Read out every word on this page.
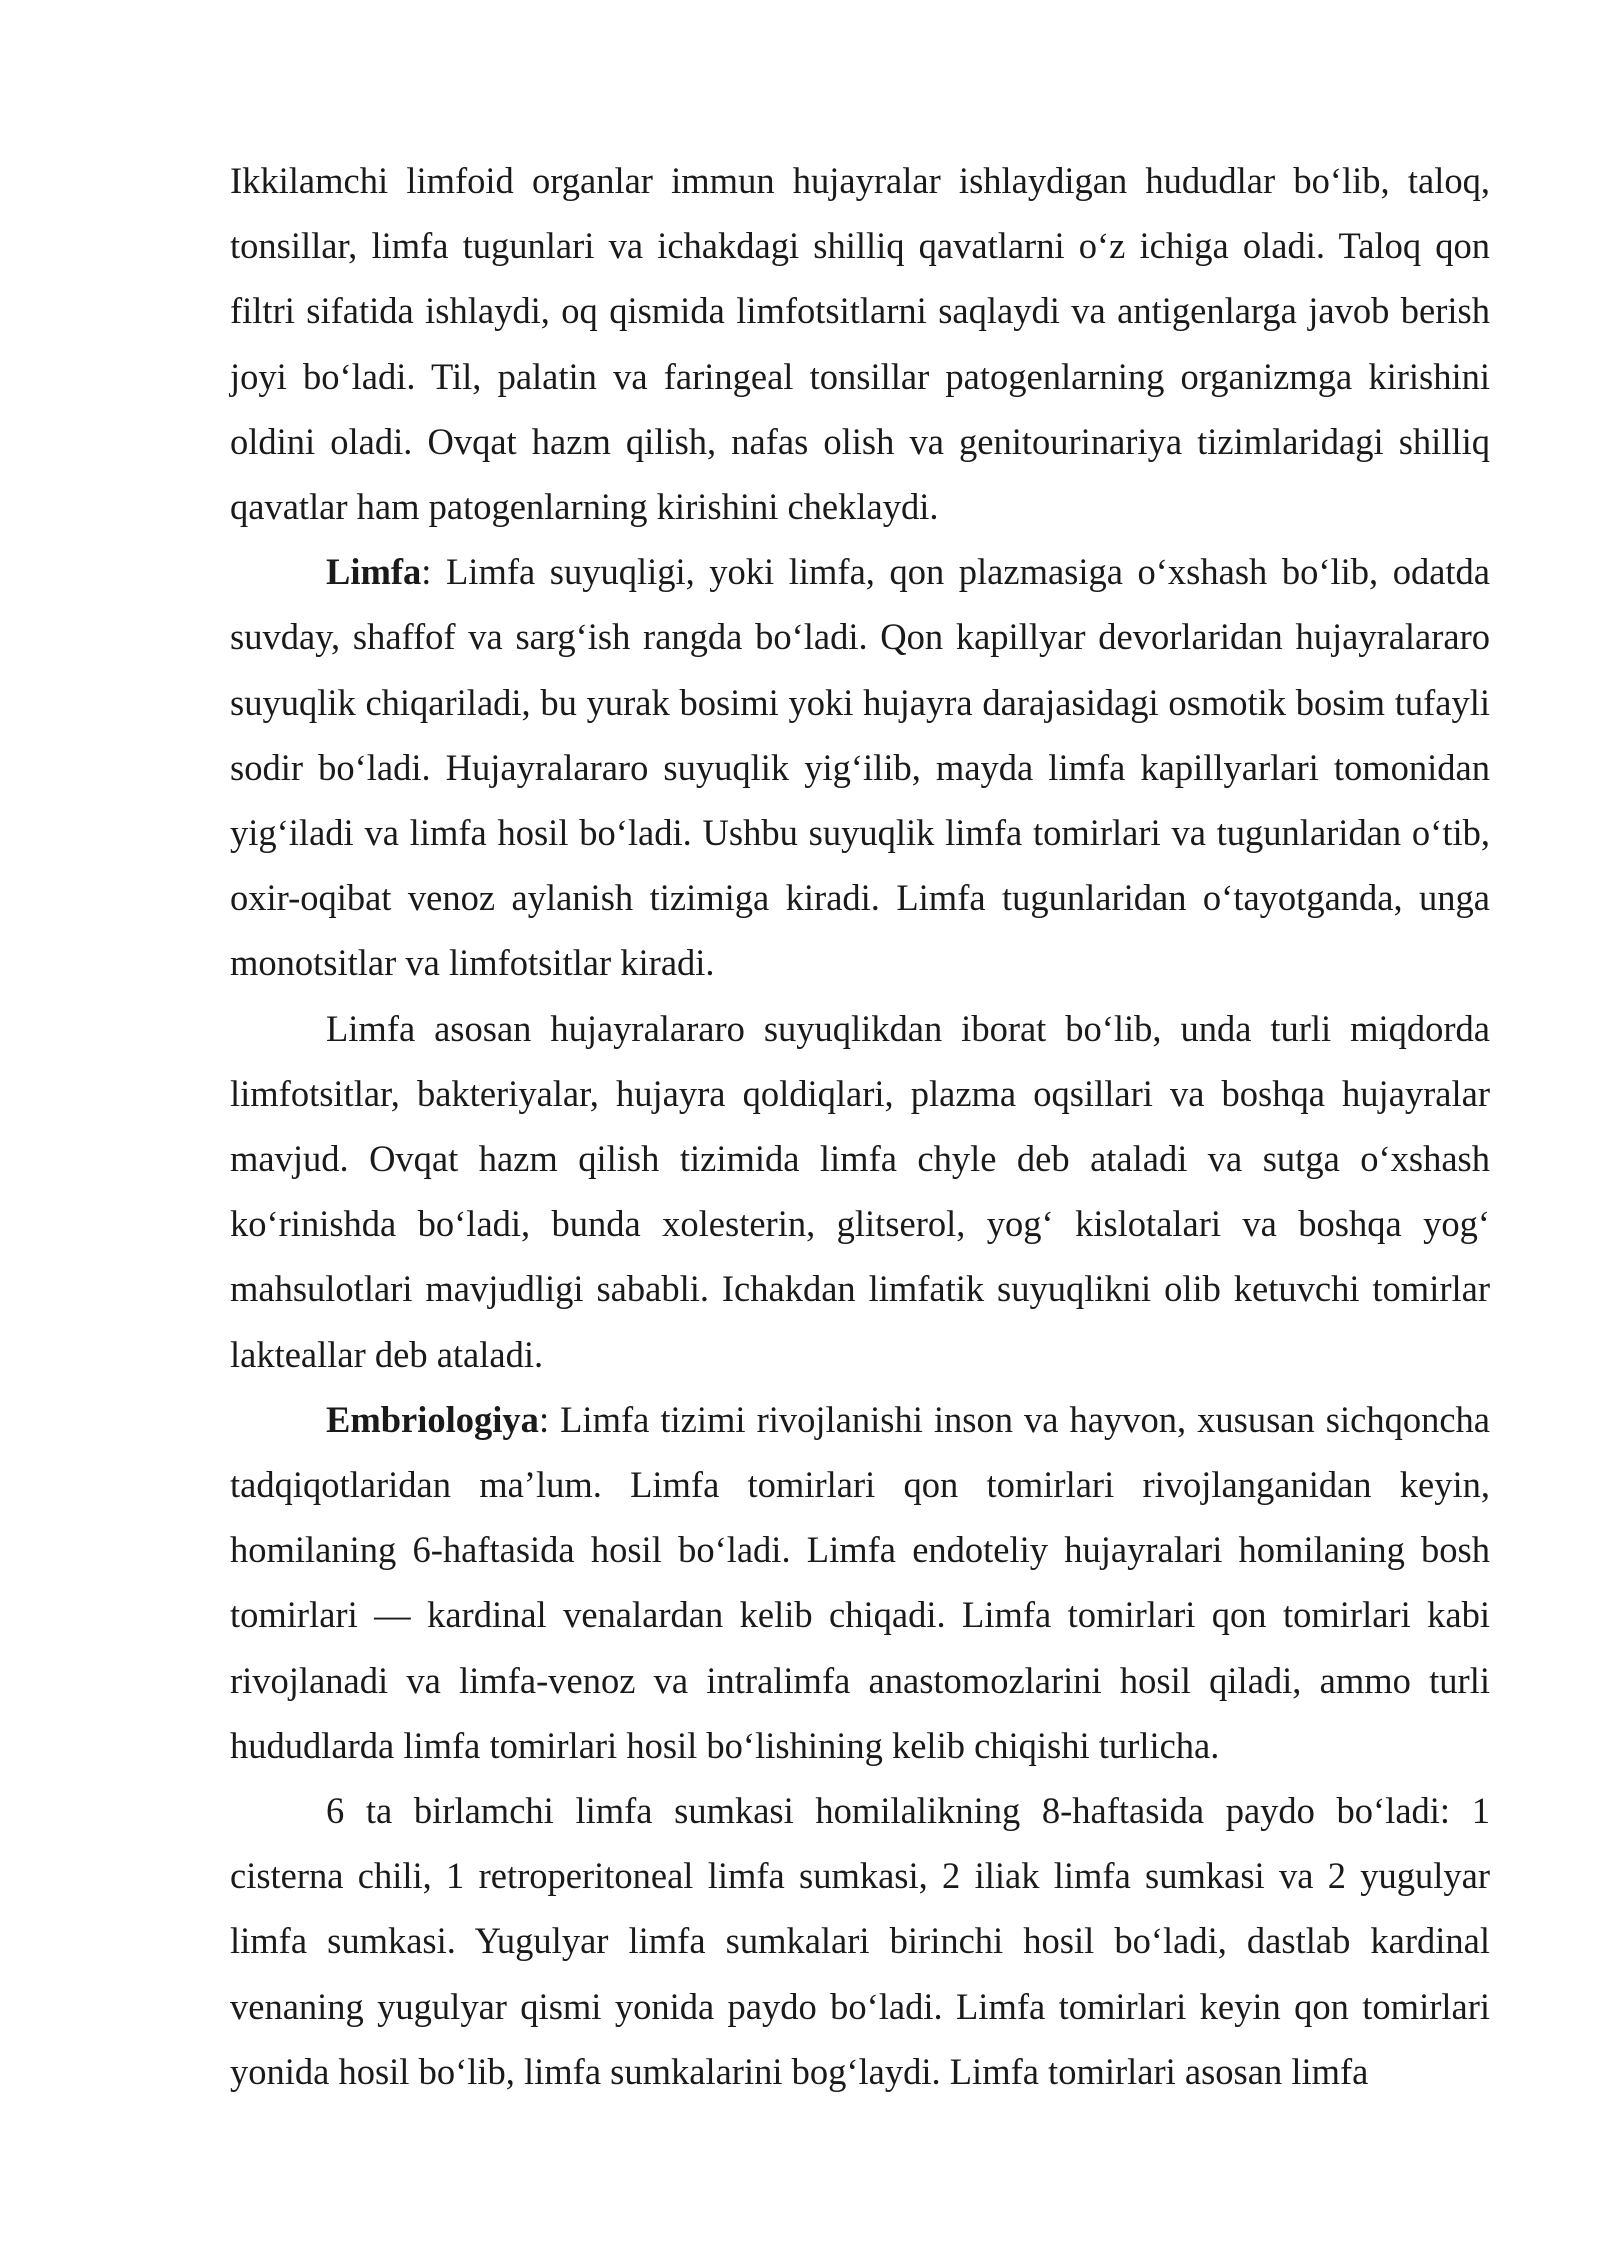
Ikkilamchi limfoid organlar immun hujayralar ishlaydigan hududlar bo‘lib, taloq, tonsillar, limfa tugunlari va ichakdagi shilliq qavatlarni o‘z ichiga oladi. Taloq qon filtri sifatida ishlaydi, oq qismida limfotsitlarni saqlaydi va antigenlarga javob berish joyi bo‘ladi. Til, palatin va faringeal tonsillar patogenlarning organizmga kirishini oldini oladi. Ovqat hazm qilish, nafas olish va genitourinariya tizimlaridagi shilliq qavatlar ham patogenlarning kirishini cheklaydi.

Limfa: Limfa suyuqligi, yoki limfa, qon plazmasiga o‘xshash bo‘lib, odatda suvday, shaffof va sarg‘ish rangda bo‘ladi. Qon kapillyar devorlaridan hujayralararo suyuqlik chiqariladi, bu yurak bosimi yoki hujayra darajasidagi osmotik bosim tufayli sodir bo‘ladi. Hujayralararo suyuqlik yig‘ilib, mayda limfa kapillyarlari tomonidan yig‘iladi va limfa hosil bo‘ladi. Ushbu suyuqlik limfa tomirlari va tugunlaridan o‘tib, oxir-oqibat venoz aylanish tizimiga kiradi. Limfa tugunlaridan o‘tayotganda, unga monotsitlar va limfotsitlar kiradi.

Limfa asosan hujayralararo suyuqlikdan iborat bo‘lib, unda turli miqdorda limfotsitlar, bakteriyalar, hujayra qoldiqlari, plazma oqsillari va boshqa hujayralar mavjud. Ovqat hazm qilish tizimida limfa chyle deb ataladi va sutga o‘xshash ko‘rinishda bo‘ladi, bunda xolesterin, glitserol, yog‘ kislotalari va boshqa yog‘ mahsulotlari mavjudligi sababli. Ichakdan limfatik suyuqlikni olib ketuvchi tomirlar lakteallar deb ataladi.

Embriologiya: Limfa tizimi rivojlanishi inson va hayvon, xususan sichqoncha tadqiqotlaridan ma’lum. Limfa tomirlari qon tomirlari rivojlanganidan keyin, homilaning 6-haftasida hosil bo‘ladi. Limfa endoteliy hujayralari homilaning bosh tomirlari — kardinal venalardan kelib chiqadi. Limfa tomirlari qon tomirlari kabi rivojlanadi va limfa-venoz va intralimfa anastomozlarini hosil qiladi, ammo turli hududlarda limfa tomirlari hosil bo‘lishining kelib chiqishi turlicha.

6 ta birlamchi limfa sumkasi homilalikning 8-haftasida paydo bo‘ladi: 1 cisterna chili, 1 retroperitoneal limfa sumkasi, 2 iliak limfa sumkasi va 2 yugulyar limfa sumkasi. Yugulyar limfa sumkalari birinchi hosil bo‘ladi, dastlab kardinal venaning yugulyar qismi yonida paydo bo‘ladi. Limfa tomirlari keyin qon tomirlari yonida hosil bo‘lib, limfa sumkalarini bog‘laydi. Limfa tomirlari asosan limfa
